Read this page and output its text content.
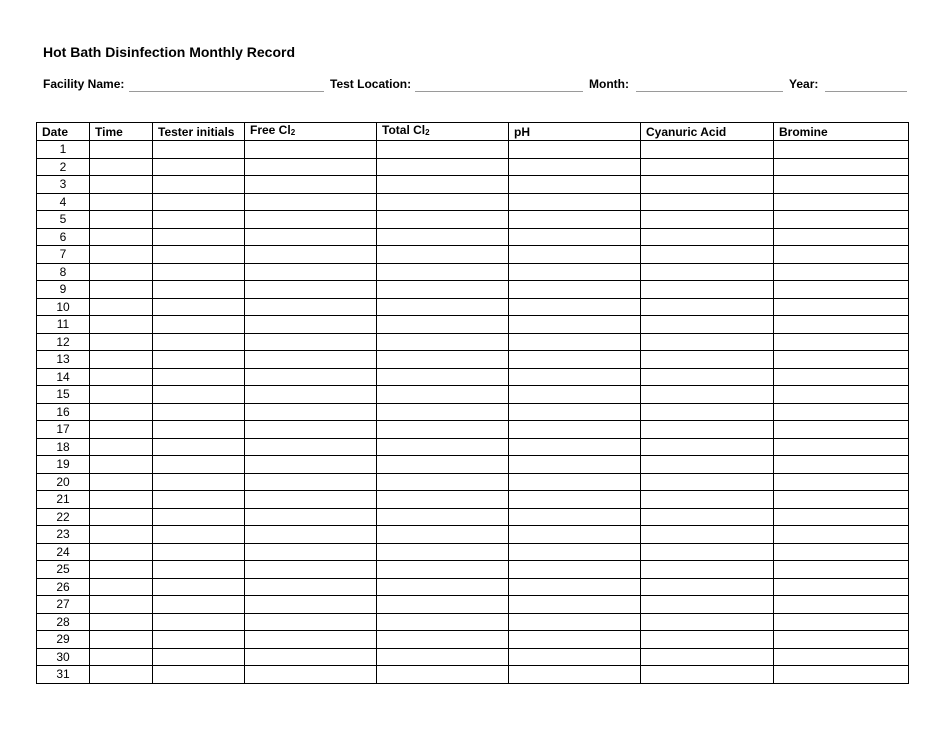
Hot Bath Disinfection Monthly Record
Facility Name:	Test Location:	Month:	Year:
Date	Time	Tester initials	Free $Cl_2$	Total $Cl_2$	pH	Cyanuric Acid	Bromine
1							
2							
3							
4							
5							
6							
7							
8							
9							
10							
11							
12							
13							
14							
15							
16							
17							
18							
19							
20							
21							
22							
23							
24							
25							
26							
27							
28							
29							
30							
31							
